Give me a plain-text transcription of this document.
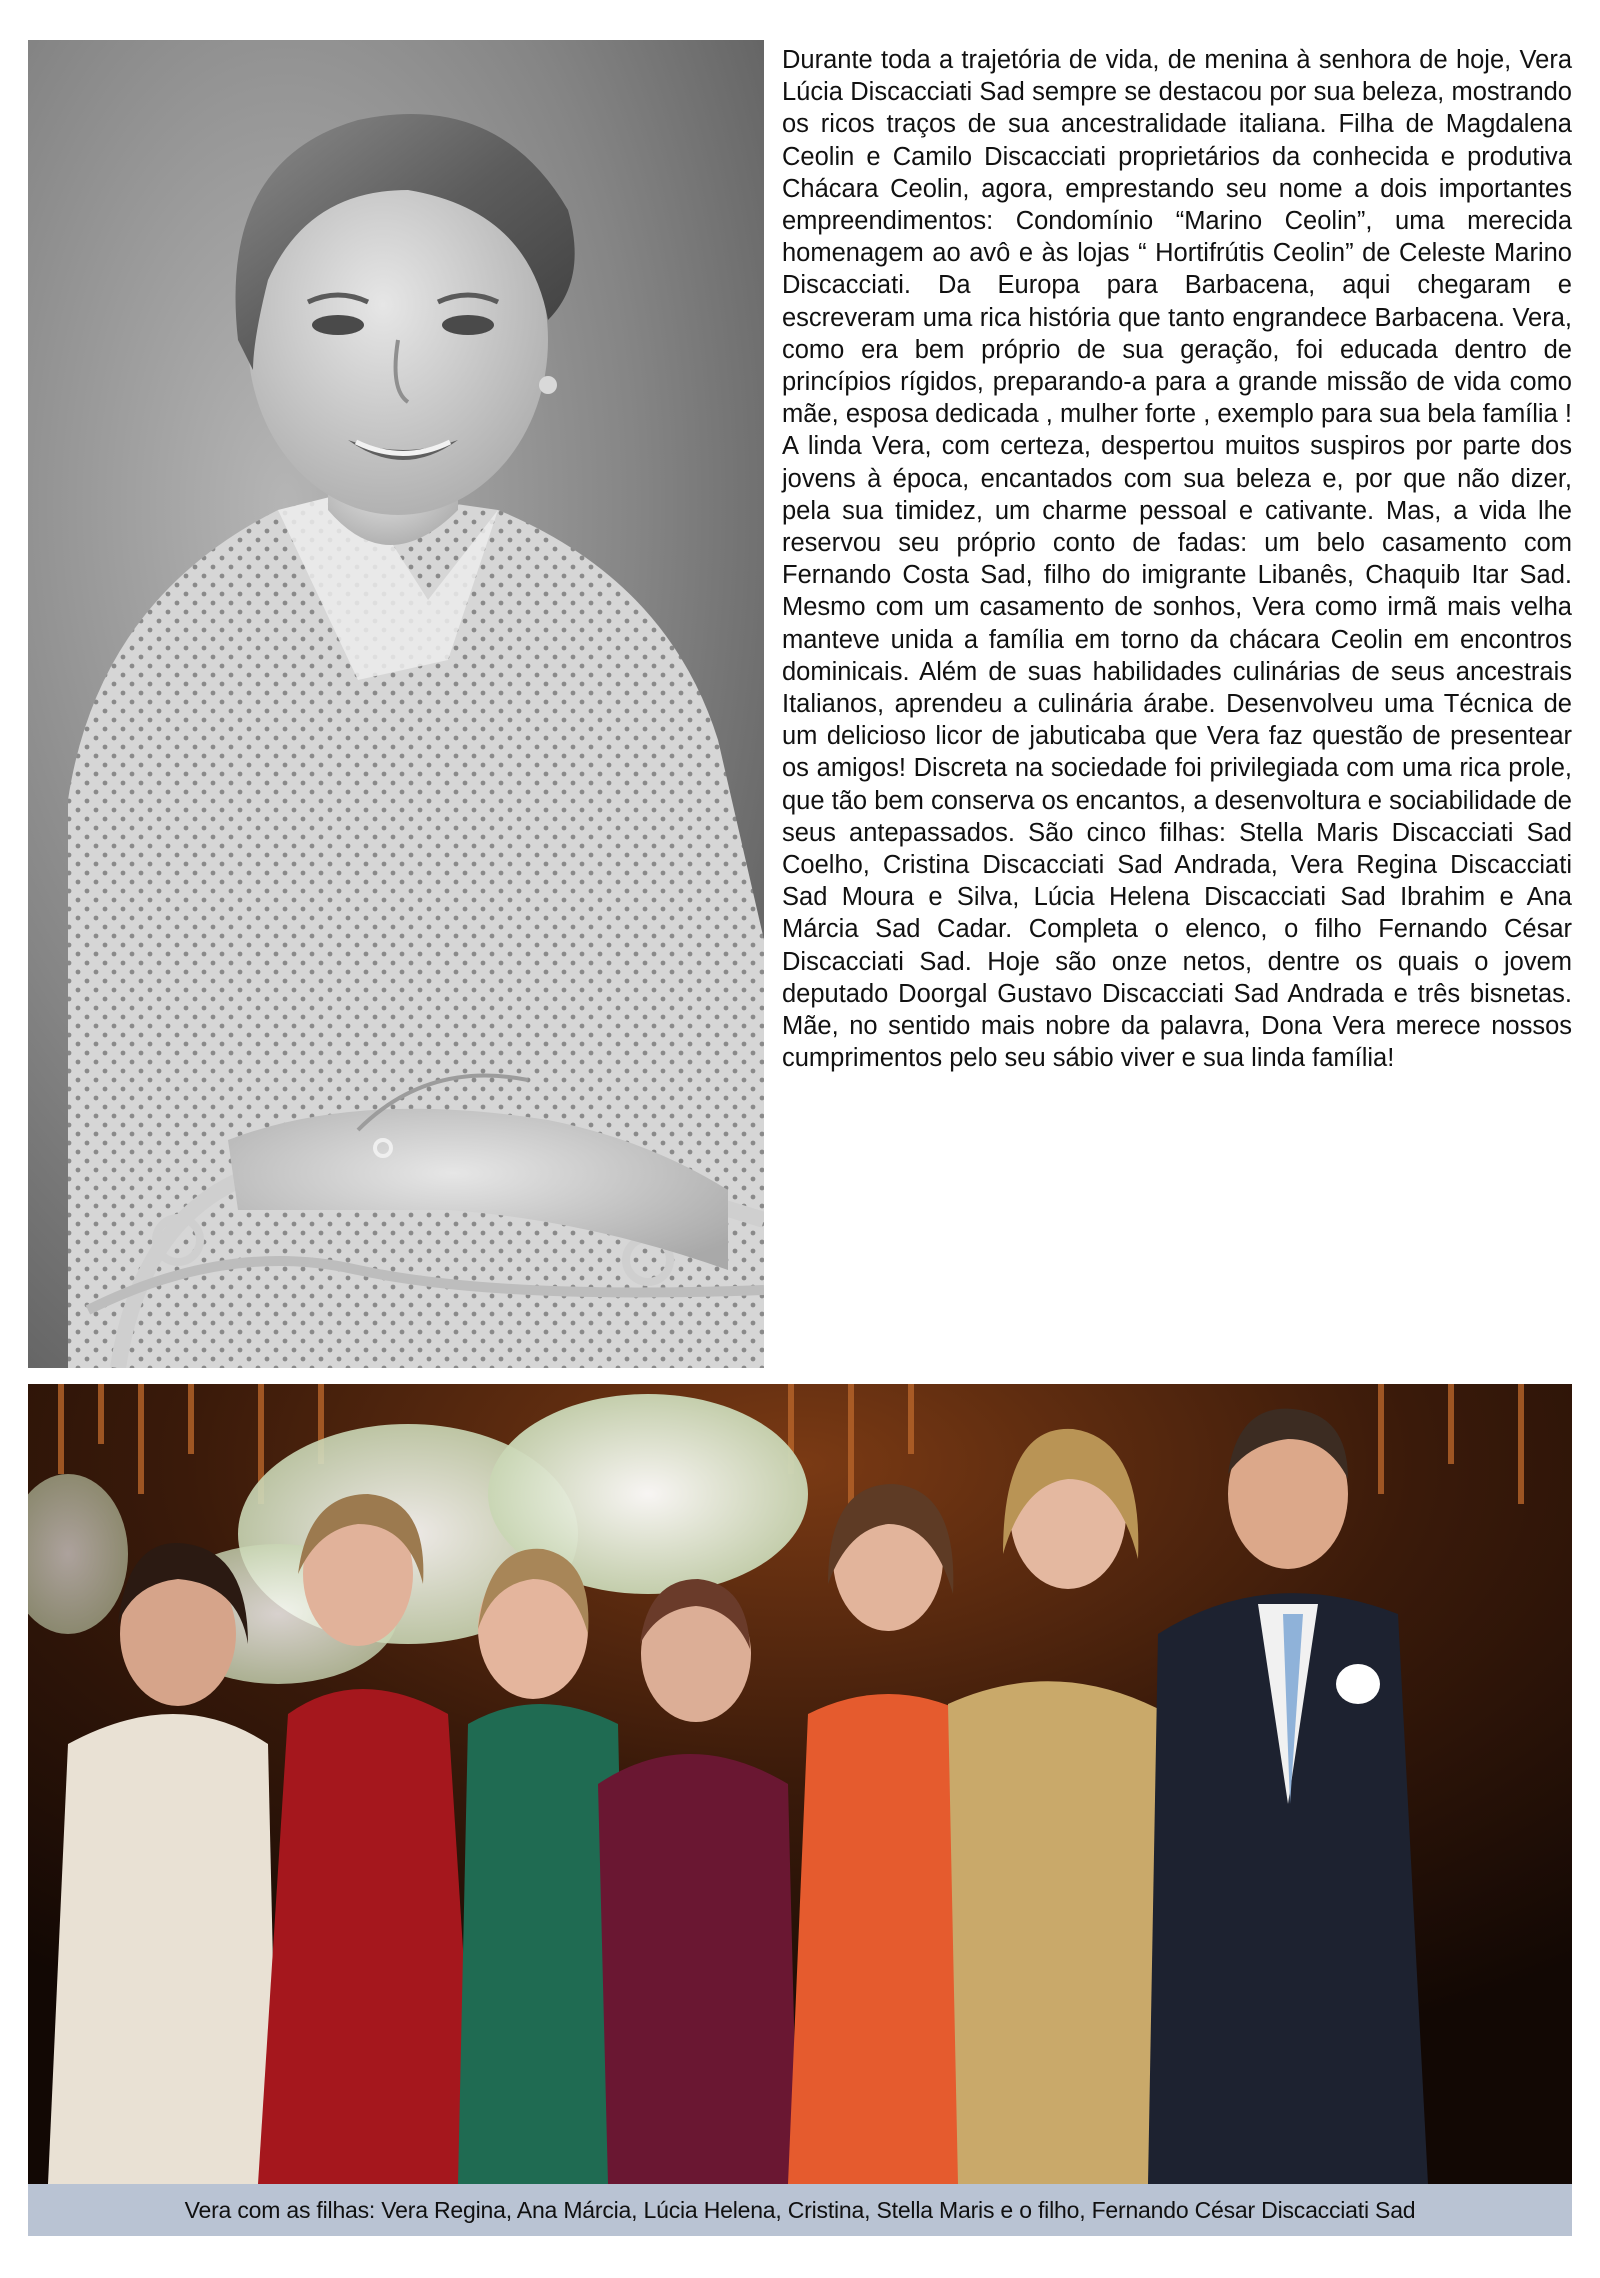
Durante toda a trajetória de vida, de menina à senhora de hoje, Vera Lúcia Discacciati Sad sempre se destacou por sua beleza, mostrando os ricos traços de sua ancestralidade italiana. Filha de Magdalena Ceolin e Camilo Discacciati proprietários da conhecida e produtiva Chácara Ceolin, agora, emprestando seu nome a dois importantes empreendimentos: Condomínio “Marino Ceolin”, uma merecida homenagem ao avô e às lojas “ Hortifrútis Ceolin” de Celeste Marino Discacciati. Da Europa para Barbacena, aqui chegaram e escreveram uma rica história que tanto engrandece Barbacena. Vera, como era bem próprio de sua geração, foi educada dentro de princípios rígidos, preparando-a para a grande missão de vida como mãe, esposa dedicada , mulher forte , exemplo para sua bela família ! A linda Vera, com certeza, despertou muitos suspiros por parte dos jovens à época, encantados com sua beleza e, por que não dizer, pela sua timidez, um charme pessoal e cativante. Mas, a vida lhe reservou seu próprio conto de fadas: um belo casamento com Fernando Costa Sad, filho do imigrante Libanês, Chaquib Itar Sad. Mesmo com um casamento de sonhos, Vera como irmã mais velha manteve unida a família em torno da chácara Ceolin em encontros dominicais. Além de suas habilidades culinárias de seus ancestrais Italianos, aprendeu a culinária árabe. Desenvolveu uma Técnica de um delicioso licor de jabuticaba que Vera faz questão de presentear os amigos! Discreta na sociedade foi privilegiada com uma rica prole, que tão bem conserva os encantos, a desenvoltura e sociabilidade de seus antepassados. São cinco filhas: Stella Maris Discacciati Sad Coelho, Cristina Discacciati Sad Andrada, Vera Regina Discacciati Sad Moura e Silva, Lúcia Helena Discacciati Sad Ibrahim e Ana Márcia Sad Cadar. Completa o elenco, o filho Fernando César Discacciati Sad. Hoje são onze netos, dentre os quais o jovem deputado Doorgal Gustavo Discacciati Sad Andrada e três bisnetas. Mãe, no sentido mais nobre da palavra, Dona Vera merece nossos cumprimentos pelo seu sábio viver e sua linda família!

Vera com as filhas: Vera Regina, Ana Márcia, Lúcia Helena, Cristina, Stella Maris e o filho, Fernando César Discacciati Sad
